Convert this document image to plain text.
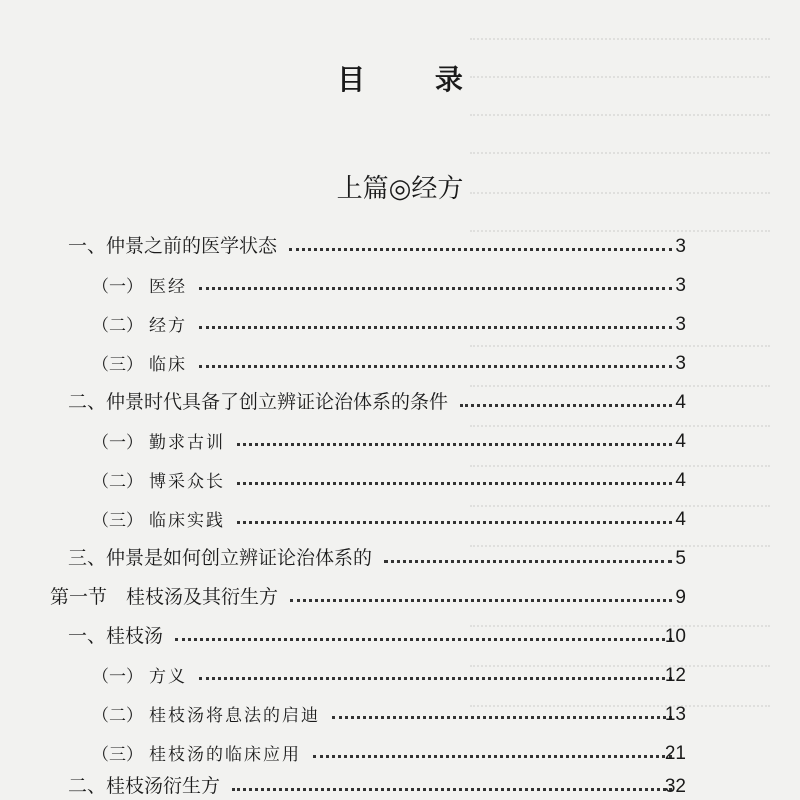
目 录
上篇◎经方
一、仲景之前的医学状态	3
（一） 医经	3
（二） 经方	3
（三） 临床	3
二、仲景时代具备了创立辨证论治体系的条件	4
（一） 勤求古训	4
（二） 博采众长	4
（三） 临床实践	4
三、仲景是如何创立辨证论治体系的	5
第一节　桂枝汤及其衍生方	9
一、桂枝汤	10
（一） 方义	12
（二） 桂枝汤将息法的启迪	13
（三） 桂枝汤的临床应用	21
二、桂枝汤衍生方	32
